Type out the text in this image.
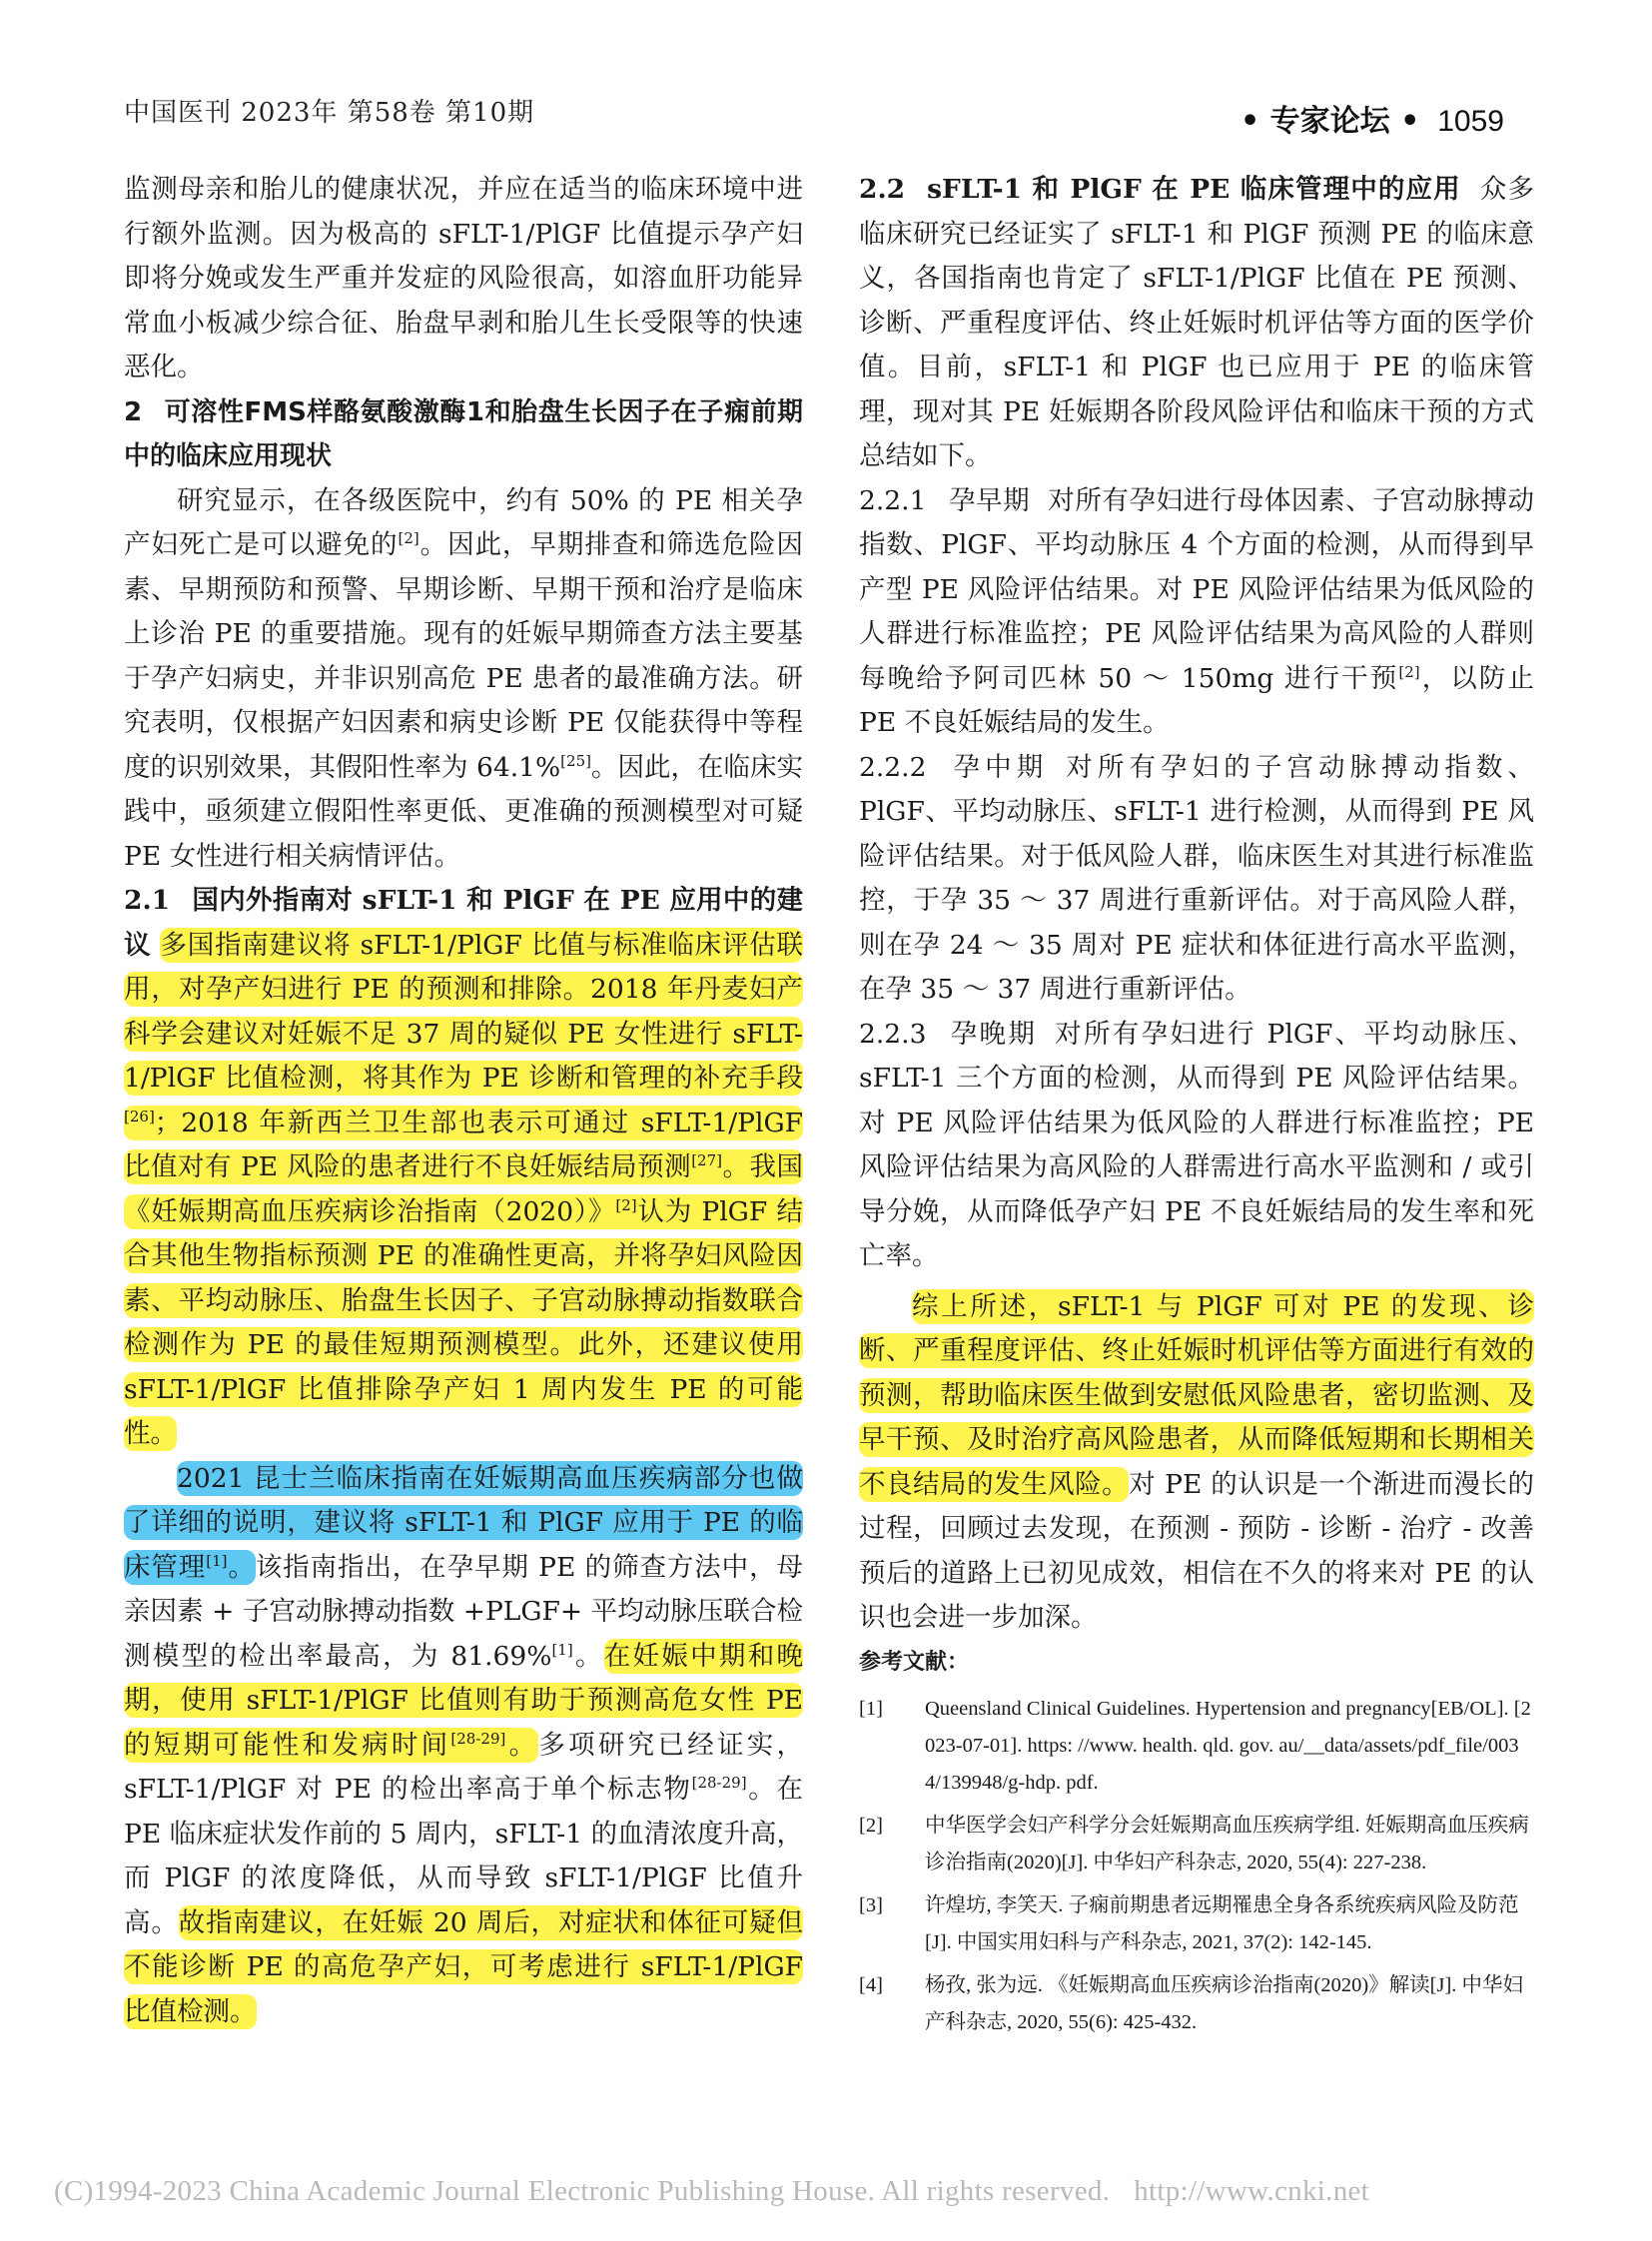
中国医刊 2023年 第58卷 第10期	• 专家论坛 • 1059

监测母亲和胎儿的健康状况，并应在适当的临床环境中进行额外监测。因为极高的 sFLT-1/PlGF 比值提示孕产妇即将分娩或发生严重并发症的风险很高，如溶血肝功能异常血小板减少综合征、胎盘早剥和胎儿生长受限等的快速恶化。

2 可溶性FMS样酪氨酸激酶1和胎盘生长因子在子痫前期中的临床应用现状

研究显示，在各级医院中，约有 50% 的 PE 相关孕产妇死亡是可以避免的[2]。因此，早期排查和筛选危险因素、早期预防和预警、早期诊断、早期干预和治疗是临床上诊治 PE 的重要措施。现有的妊娠早期筛查方法主要基于孕产妇病史，并非识别高危 PE 患者的最准确方法。研究表明，仅根据产妇因素和病史诊断 PE 仅能获得中等程度的识别效果，其假阳性率为 64.1%[25]。因此，在临床实践中，亟须建立假阳性率更低、更准确的预测模型对可疑 PE 女性进行相关病情评估。

2.1 国内外指南对 sFLT-1 和 PlGF 在 PE 应用中的建议 多国指南建议将 sFLT-1/PlGF 比值与标准临床评估联用，对孕产妇进行 PE 的预测和排除。2018 年丹麦妇产科学会建议对妊娠不足 37 周的疑似 PE 女性进行 sFLT-1/PlGF 比值检测，将其作为 PE 诊断和管理的补充手段[26]；2018 年新西兰卫生部也表示可通过 sFLT-1/PlGF 比值对有 PE 风险的患者进行不良妊娠结局预测[27]。我国《妊娠期高血压疾病诊治指南（2020）》[2]认为 PlGF 结合其他生物指标预测 PE 的准确性更高，并将孕妇风险因素、平均动脉压、胎盘生长因子、子宫动脉搏动指数联合检测作为 PE 的最佳短期预测模型。此外，还建议使用 sFLT-1/PlGF 比值排除孕产妇 1 周内发生 PE 的可能性。

2021 昆士兰临床指南在妊娠期高血压疾病部分也做了详细的说明，建议将 sFLT-1 和 PlGF 应用于 PE 的临床管理[1]。该指南指出，在孕早期 PE 的筛查方法中，母亲因素 + 子宫动脉搏动指数 +PLGF+ 平均动脉压联合检测模型的检出率最高，为 81.69%[1]。在妊娠中期和晚期，使用 sFLT-1/PlGF 比值则有助于预测高危女性 PE 的短期可能性和发病时间[28-29]。多项研究已经证实，sFLT-1/PlGF 对 PE 的检出率高于单个标志物[28-29]。在 PE 临床症状发作前的 5 周内，sFLT-1 的血清浓度升高，而 PlGF 的浓度降低，从而导致 sFLT-1/PlGF 比值升高。故指南建议，在妊娠 20 周后，对症状和体征可疑但不能诊断 PE 的高危孕产妇，可考虑进行 sFLT-1/PlGF 比值检测。

2.2 sFLT-1 和 PlGF 在 PE 临床管理中的应用 众多临床研究已经证实了 sFLT-1 和 PlGF 预测 PE 的临床意义，各国指南也肯定了 sFLT-1/PlGF 比值在 PE 预测、诊断、严重程度评估、终止妊娠时机评估等方面的医学价值。目前，sFLT-1 和 PlGF 也已应用于 PE 的临床管理，现对其 PE 妊娠期各阶段风险评估和临床干预的方式总结如下。

2.2.1 孕早期 对所有孕妇进行母体因素、子宫动脉搏动指数、PlGF、平均动脉压 4 个方面的检测，从而得到早产型 PE 风险评估结果。对 PE 风险评估结果为低风险的人群进行标准监控；PE 风险评估结果为高风险的人群则每晚给予阿司匹林 50 ～ 150mg 进行干预[2]，以防止 PE 不良妊娠结局的发生。

2.2.2 孕中期 对所有孕妇的子宫动脉搏动指数、PlGF、平均动脉压、sFLT-1 进行检测，从而得到 PE 风险评估结果。对于低风险人群，临床医生对其进行标准监控，于孕 35 ～ 37 周进行重新评估。对于高风险人群，则在孕 24 ～ 35 周对 PE 症状和体征进行高水平监测，在孕 35 ～ 37 周进行重新评估。

2.2.3 孕晚期 对所有孕妇进行 PlGF、平均动脉压、sFLT-1 三个方面的检测，从而得到 PE 风险评估结果。对 PE 风险评估结果为低风险的人群进行标准监控；PE 风险评估结果为高风险的人群需进行高水平监测和 / 或引导分娩，从而降低孕产妇 PE 不良妊娠结局的发生率和死亡率。

综上所述，sFLT-1 与 PlGF 可对 PE 的发现、诊断、严重程度评估、终止妊娠时机评估等方面进行有效的预测，帮助临床医生做到安慰低风险患者，密切监测、及早干预、及时治疗高风险患者，从而降低短期和长期相关不良结局的发生风险。对 PE 的认识是一个渐进而漫长的过程，回顾过去发现，在预测 - 预防 - 诊断 - 治疗 - 改善预后的道路上已初见成效，相信在不久的将来对 PE 的认识也会进一步加深。

参考文献：

[1]	Queensland Clinical Guidelines. Hypertension and pregnancy[EB/OL]. [2023-07-01]. https: //www. health. qld. gov. au/__data/assets/pdf_file/0034/139948/g-hdp. pdf.
[2]	中华医学会妇产科学分会妊娠期高血压疾病学组. 妊娠期高血压疾病诊治指南(2020)[J]. 中华妇产科杂志, 2020, 55(4): 227-238.
[3]	许煌坊, 李笑天. 子痫前期患者远期罹患全身各系统疾病风险及防范[J]. 中国实用妇科与产科杂志, 2021, 37(2): 142-145.
[4]	杨孜, 张为远. 《妊娠期高血压疾病诊治指南(2020)》解读[J]. 中华妇产科杂志, 2020, 55(6): 425-432.
(C)1994-2023 China Academic Journal Electronic Publishing House. All rights reserved. http://www.cnki.net
